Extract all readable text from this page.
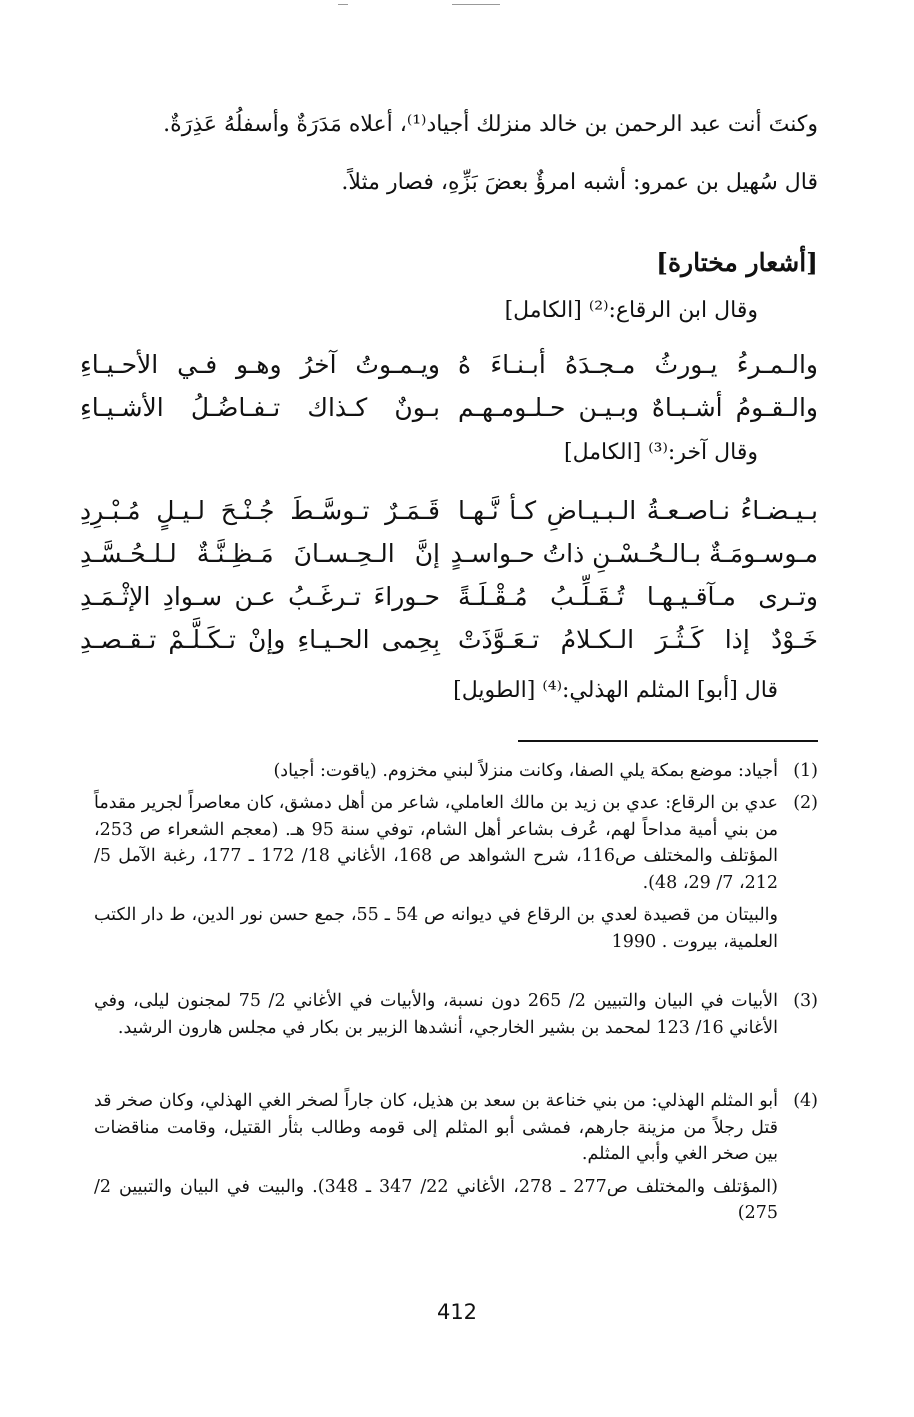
وكنتَ أنت عبد الرحمن بن خالد منزلك أجياد⁽¹⁾، أعلاه مَدَرَةٌ وأسفلُهُ عَذِرَةٌ.
قال سُهيل بن عمرو: أشبه امرؤٌ بعضَ بَزِّهِ، فصار مثلاً.
[أشعار مختارة]
وقال ابن الرقاع:⁽²⁾ [الكامل]
والـمـرءُ يـورثُ مـجـدَهُ أبـنـاءَ هُ
ويـمـوتُ آخرُ وهـو فـي الأحـيـاءِ
والـقـومُ أشـبـاهٌ وبـيـن حـلـومـهـم
بـونٌ كـذاك تـفـاضُـلُ الأشـيـاءِ
وقال آخر:⁽³⁾ [الكامل]
بـيـضـاءُ نـاصـعـةُ الـبـيـاضِ كـأ نَّـهـا
قَـمَـرٌ تـوسَّـطَ جُـنْـحَ لـيـلٍ مُـبْـرِدِ
مـوسـومَـةٌ بـالـحُـسْـنِ ذاتُ حـواسـدٍ
إنَّ الـحِـسـانَ مَـظِـنَّـةٌ لـلـحُـسَّـدِ
وتـرى مـآقـيـهـا تُـقَـلِّـبُ مُـقْـلَـةً
حـوراءَ تـرغَـبُ عـن سـوادِ الإثْـمَـدِ
خَـوْدٌ إذا كَـثُـرَ الـكـلامُ تـعَـوَّذَتْ
بِحِمى الحـيـاءِ وإنْ تـكَـلَّـمْ تـقـصـدِ
قال [أبو] المثلم الهذلي:⁽⁴⁾ [الطويل]
(1)

أجياد: موضع بمكة يلي الصفا، وكانت منزلاً لبني مخزوم. (ياقوت: أجياد)

(2)

عدي بن الرقاع: عدي بن زيد بن مالك العاملي، شاعر من أهل دمشق، كان معاصراً لجرير مقدماً من بني أمية مداحاً لهم، عُرف بشاعر أهل الشام، توفي سنة 95 هـ. (معجم الشعراء ص 253، المؤتلف والمختلف ص116، شرح الشواهد ص 168، الأغاني 18/ 172 ـ 177، رغبة الآمل 5/ 212، 7/ 29، 48).

والبيتان من قصيدة لعدي بن الرقاع في ديوانه ص 54 ـ 55، جمع حسن نور الدين، ط دار الكتب العلمية، بيروت . 1990

(3)

الأبيات في البيان والتبيين 2/ 265 دون نسبة، والأبيات في الأغاني 2/ 75 لمجنون ليلى، وفي الأغاني 16/ 123 لمحمد بن بشير الخارجي، أنشدها الزبير بن بكار في مجلس هارون الرشيد.

(4)

أبو المثلم الهذلي: من بني خناعة بن سعد بن هذيل، كان جاراً لصخر الغي الهذلي، وكان صخر قد قتل رجلاً من مزينة جارهم، فمشى أبو المثلم إلى قومه وطالب بثأر القتيل، وقامت مناقضات بين صخر الغي وأبي المثلم.

(المؤتلف والمختلف ص277 ـ 278، الأغاني 22/ 347 ـ 348). والبيت في البيان والتبيين 2/ 275)

412
